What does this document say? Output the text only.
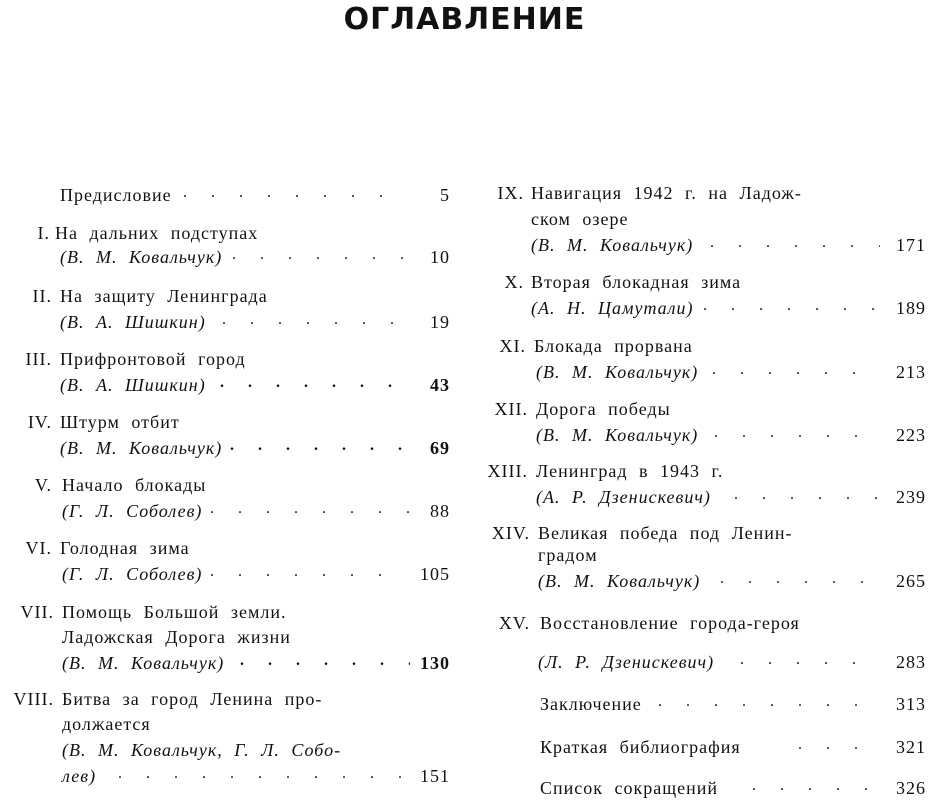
ОГЛАВЛЕНИЕ
Предисловие .	5
I. На дальних подступах
(В. М. Ковальчук) .	10
II. На защиту Ленинграда
(В. А. Шишкин) .	19
III. Прифронтовой город
(В. А. Шишкин) .	43
IV. Штурм отбит
(В. М. Ковальчук) .	69
V. Начало блокады
(Г. Л. Соболев) .	88
VI. Голодная зима
(Г. Л. Соболев) .	105
VII. Помощь Большой земли.
Ладожская Дорога жизни
(В. М. Ковальчук) .	130
VIII. Битва за город Ленина про-
должается
(В. М. Ковальчук, Г. Л. Собо-
лев) .	151
IX. Навигация 1942 г. на Ладож-
ском озере
(В. М. Ковальчук) .	171
X. Вторая блокадная зима
(А. Н. Цамутали) .	189
XI. Блокада прорвана
(В. М. Ковальчук) .	213
XII. Дорога победы
(В. М. Ковальчук) .	223
XIII. Ленинград в 1943 г.
(А. Р. Дзенискевич) .	239
XIV. Великая победа под Ленин-
градом
(В. М. Ковальчук) .	265
XV. Восстановление города-героя
(Л. Р. Дзенискевич) .	283
Заключение .	313
Краткая библиография .	321
Список сокращений .	326
